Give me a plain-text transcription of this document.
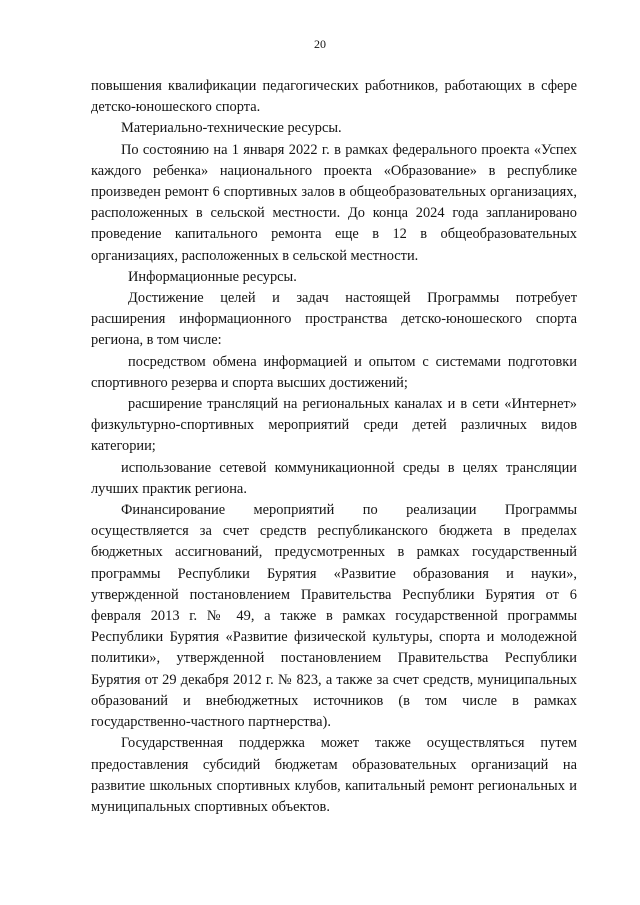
20

повышения квалификации педагогических работников, работающих в сфере детско-юношеского спорта.

Материально-технические ресурсы.

По состоянию на 1 января 2022 г. в рамках федерального проекта «Успех каждого ребенка» национального проекта «Образование» в республике произведен ремонт 6 спортивных залов в общеобразовательных организациях, расположенных в сельской местности. До конца 2024 года запланировано проведение капитального ремонта еще в 12 в общеобразовательных организациях, расположенных в сельской местности.

Информационные ресурсы.

Достижение целей и задач настоящей Программы потребует расширения информационного пространства детско-юношеского спорта региона, в том числе:

посредством обмена информацией и опытом с системами подготовки спортивного резерва и спорта высших достижений;

расширение трансляций на региональных каналах и в сети «Интернет» физкультурно-спортивных мероприятий среди детей различных видов категории;

использование сетевой коммуникационной среды в целях трансляции лучших практик региона.

Финансирование мероприятий по реализации Программы осуществляется за счет средств республиканского бюджета в пределах бюджетных ассигнований, предусмотренных в рамках государственный программы Республики Бурятия «Развитие образования и науки», утвержденной постановлением Правительства Республики Бурятия от 6 февраля 2013 г. № 49, а также в рамках государственной программы Республики Бурятия «Развитие физической культуры, спорта и молодежной политики», утвержденной постановлением Правительства Республики Бурятия от 29 декабря 2012 г. № 823, а также за счет средств, муниципальных образований и внебюджетных источников (в том числе в рамках государственно-частного партнерства).

Государственная поддержка может также осуществляться путем предоставления субсидий бюджетам образовательных организаций на развитие школьных спортивных клубов, капитальный ремонт региональных и муниципальных спортивных объектов.
